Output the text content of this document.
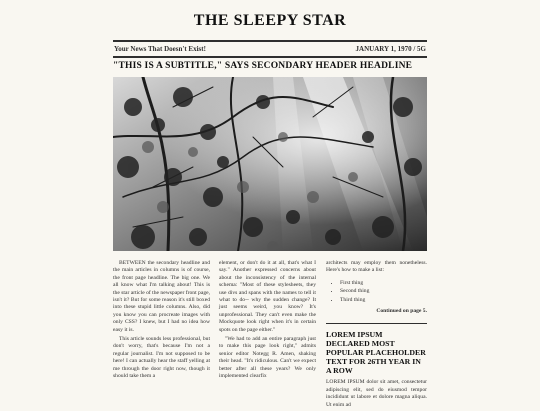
THE SLEEPY STAR
Your News That Doesn't Exist!	JANUARY 1, 1970 / 5G
"THIS IS A SUBTITLE," SAYS SECONDARY HEADER HEADLINE

BETWEEN the secondary headline and the main articles in columns is of course, the front page headline. The big one. We all know what I'm talking about! This is the star article of the newspaper front page, isn't it? But for some reason it's still boxed into these stupid little columns. Also, did you know you can procreate images with only CSS? I knew, but I had no idea how easy it is.

This article sounds less professional, but don't worry, that's because I'm not a regular journalist. I'm not supposed to be here! I can actually hear the staff yelling at me through the door right now, though it should take them a

element, or don't do it at all, that's what I say." Another expressed concerns about about the inconsistency of the internal schema: "Most of these stylesheets, they use divs and spans with the names to tell it what to do-- why the sudden change? It just seems weird, you know? It's unprofessional. They can't even make the Mockquote look right when it's in certain spots on the page either."

"We had to add an entire paragraph just to make this page look right," admits senior editor Notegg R. Amen, shaking their head. "It's ridiculous. Can't we expect better after all these years? We only implemented clearfix

architects may employ them nonetheless. Here's how to make a list:

• First thing
• Second thing
• Third thing

Continued on page 5.

LOREM IPSUM DECLARED MOST POPULAR PLACEHOLDER TEXT FOR 26TH YEAR IN A ROW

LOREM IPSUM dolor sit amet, consectetur adipiscing elit, sed do eiusmod tempor incididunt ut labore et dolore magna aliqua. Ut enim ad
